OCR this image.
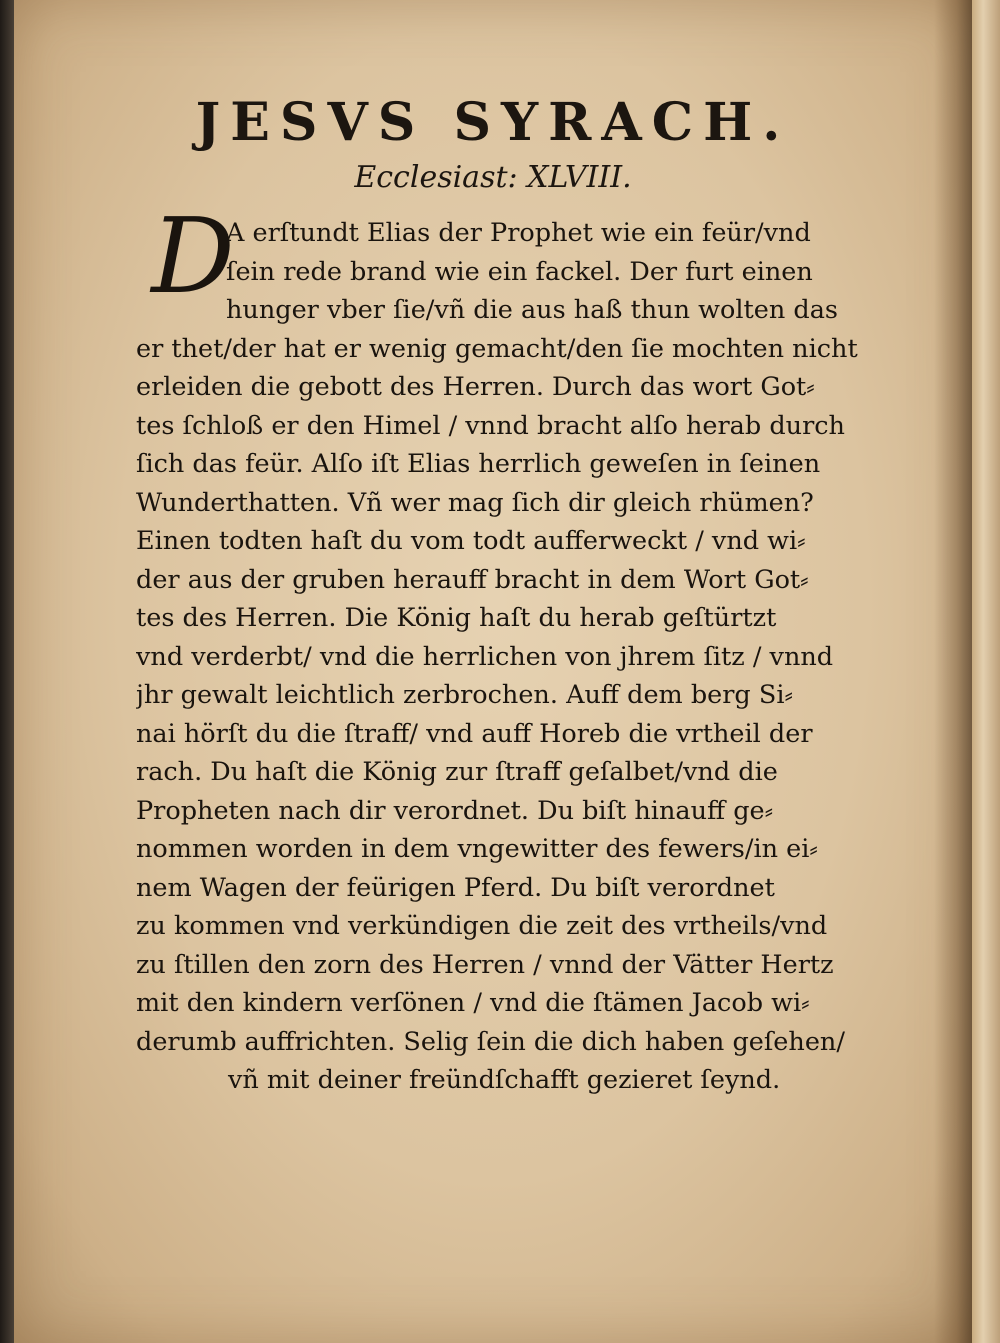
JESVS SYRACH.
Ecclesiast: XLVIII.
D
A erſtundt Elias der Prophet wie ein feür/vnd
ſein rede brand wie ein fackel. Der furt einen
hunger vber ſie/vñ die aus haß thun wolten das
er thet/der hat er wenig gemacht/den ſie mochten nicht
erleiden die gebott des Herren. Durch das wort Got⸗
tes ſchloß er den Himel / vnnd bracht alſo herab durch
ſich das feür. Alſo iſt Elias herrlich geweſen in ſeinen
Wunderthatten. Vñ wer mag ſich dir gleich rhümen?
Einen todten haſt du vom todt aufferweckt / vnd wi⸗
der aus der gruben herauff bracht in dem Wort Got⸗
tes des Herren. Die König haſt du herab geſtürtzt
vnd verderbt/ vnd die herrlichen von jhrem ſitz / vnnd
jhr gewalt leichtlich zerbrochen. Auff dem berg Si⸗
nai hörſt du die ſtraff/ vnd auff Horeb die vrtheil der
rach. Du haſt die König zur ſtraff geſalbet/vnd die
Propheten nach dir verordnet. Du biſt hinauff ge⸗
nommen worden in dem vngewitter des fewers/in ei⸗
nem Wagen der feürigen Pferd. Du biſt verordnet
zu kommen vnd verkündigen die zeit des vrtheils/vnd
zu ſtillen den zorn des Herren / vnnd der Vätter Hertz
mit den kindern verſönen / vnd die ſtämen Jacob wi⸗
derumb auffrichten. Selig ſein die dich haben geſehen/
vñ mit deiner freündſchafft gezieret ſeynd.
